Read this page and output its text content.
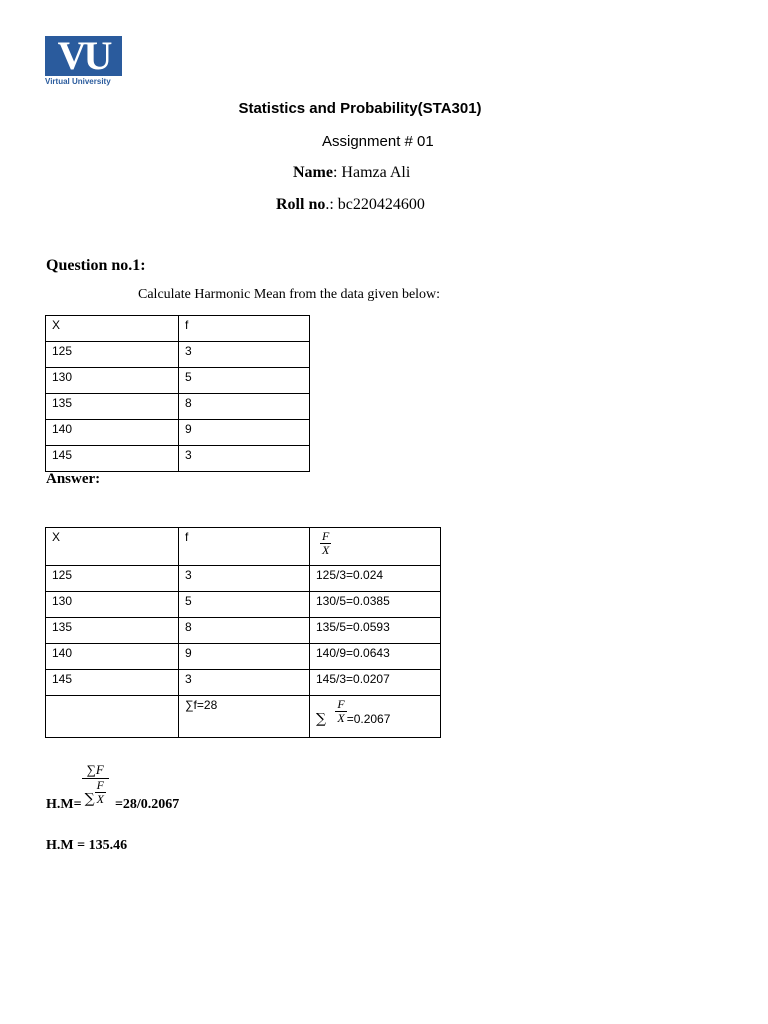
VU
Virtual University
Statistics and Probability(STA301)
Assignment # 01
Name: Hamza Ali
Roll no.: bc220424600
Question no.1:
Calculate Harmonic Mean from the data given below:
X	f
125	3
130	5
135	8
140	9
145	3
Answer:
X	f	$\frac{F}{X}$

125	3	125/3=0.024
130	5	130/5=0.0385
135	8	135/5=0.0593
140	9	140/9=0.0643
145	3	145/3=0.0207
	∑f=28	∑ $\frac{F}{X} =0.2067$
$H.M= \frac{\sum F}{\sum \frac{F}{X}} =28/0.2067$
H.M = 135.46
